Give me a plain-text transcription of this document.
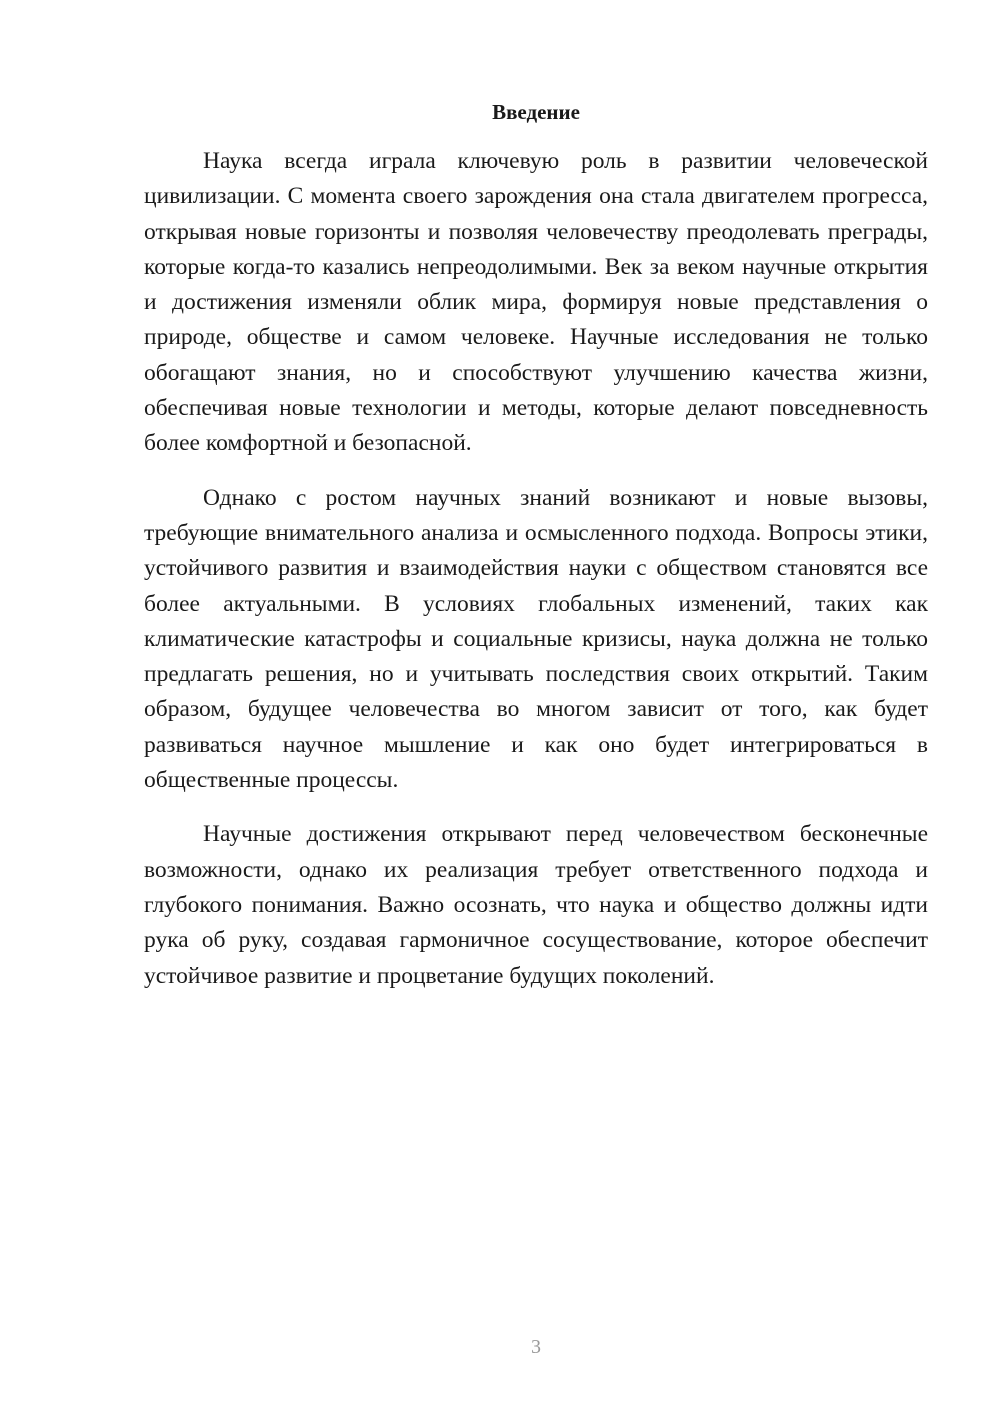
Введение

Наука всегда играла ключевую роль в развитии человеческой цивилизации. С момента своего зарождения она стала двигателем прогресса, открывая новые горизонты и позволяя человечеству преодолевать преграды, которые когда-то казались непреодолимыми. Век за веком научные открытия и достижения изменяли облик мира, формируя новые представления о природе, обществе и самом человеке. Научные исследования не только обогащают знания, но и способствуют улучшению качества жизни, обеспечивая новые технологии и методы, которые делают повседневность более комфортной и безопасной.

Однако с ростом научных знаний возникают и новые вызовы, требующие внимательного анализа и осмысленного подхода. Вопросы этики, устойчивого развития и взаимодействия науки с обществом становятся все более актуальными. В условиях глобальных изменений, таких как климатические катастрофы и социальные кризисы, наука должна не только предлагать решения, но и учитывать последствия своих открытий. Таким образом, будущее человечества во многом зависит от того, как будет развиваться научное мышление и как оно будет интегрироваться в общественные процессы.

Научные достижения открывают перед человечеством бесконечные возможности, однако их реализация требует ответственного подхода и глубокого понимания. Важно осознать, что наука и общество должны идти рука об руку, создавая гармоничное сосуществование, которое обеспечит устойчивое развитие и процветание будущих поколений.

3
